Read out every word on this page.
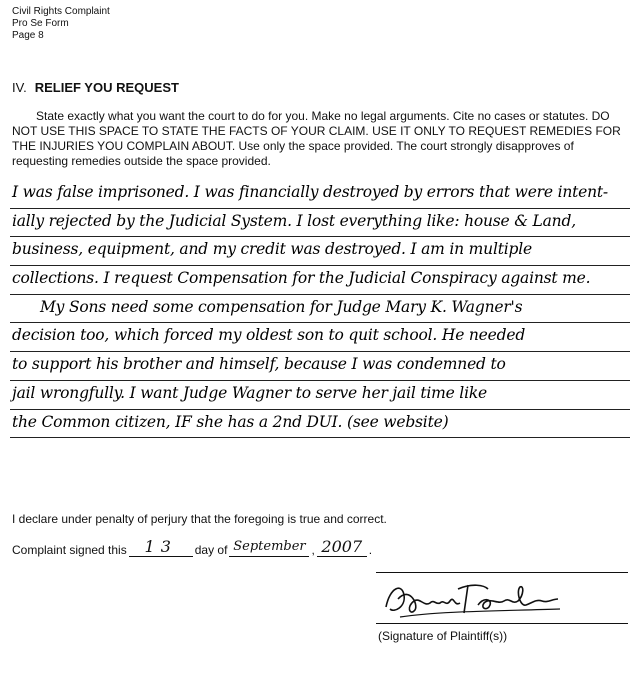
Civil Rights Complaint
Pro Se Form
Page 8
IV. RELIEF YOU REQUEST

State exactly what you want the court to do for you. Make no legal arguments. Cite no cases or statutes. DO NOT USE THIS SPACE TO STATE THE FACTS OF YOUR CLAIM. USE IT ONLY TO REQUEST REMEDIES FOR THE INJURIES YOU COMPLAIN ABOUT. Use only the space provided. The court strongly disapproves of requesting remedies outside the space provided.

I was false imprisoned. I was financially destroyed by errors that were intent-
ially rejected by the Judicial System. I lost everything like: house & Land,
business, equipment, and my credit was destroyed. I am in multiple
collections. I request Compensation for the Judicial Conspiracy against me.
My Sons need some compensation for Judge Mary K. Wagner's
decision too, which forced my oldest son to quit school. He needed
to support his brother and himself, because I was condemned to
jail wrongfully. I want Judge Wagner to serve her jail time like
the Common citizen, IF she has a 2nd DUI. (see website)
I declare under penalty of perjury that the foregoing is true and correct.
Complaint signed this	13	day of September , 2007 .
(Signature of Plaintiff(s))
